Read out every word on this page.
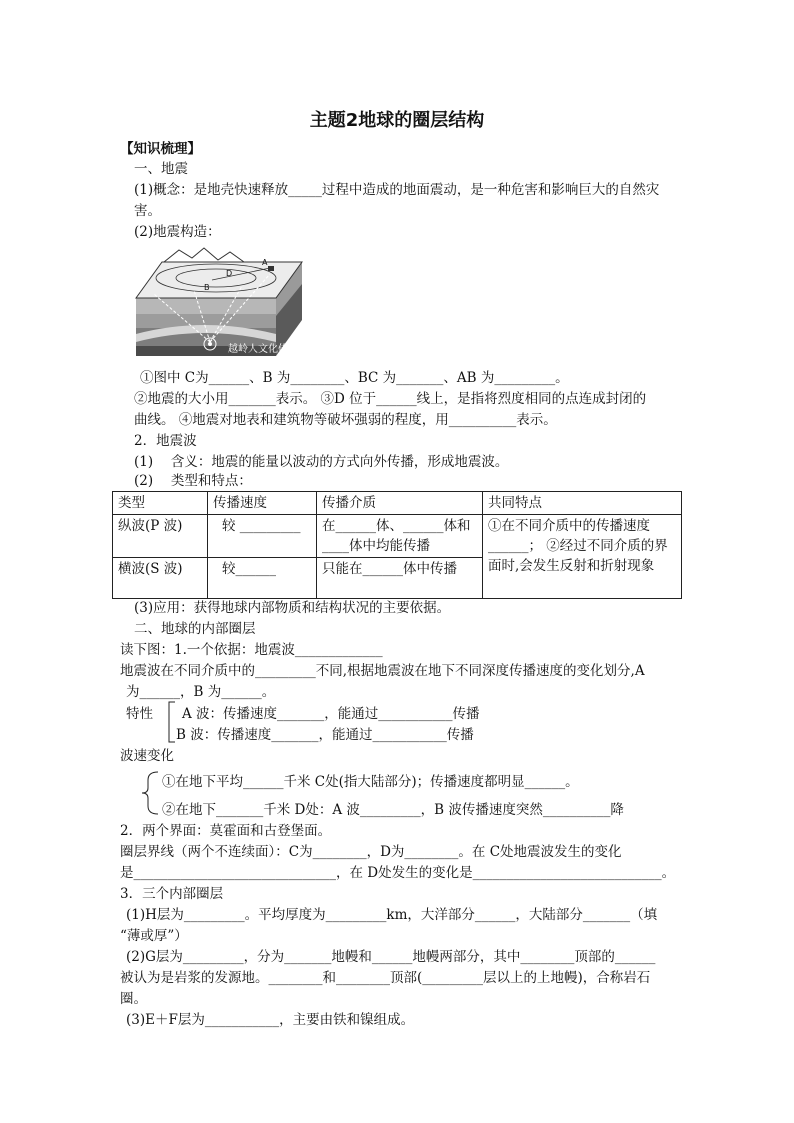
主题2地球的圈层结构
【知识梳理】
一、地震
(1)概念：是地壳快速释放_____过程中造成的地面震动，是一种危害和影响巨大的自然灾
害。
(2)地震构造：
D
A
B
越岭人文化传播
①图中 C为______、B 为________、BC 为_______、AB 为_________。
②地震的大小用_______表示。 ③D 位于______线上，是指将烈度相同的点连成封闭的
曲线。 ④地震对地表和建筑物等破坏强弱的程度，用__________表示。
2．地震波
(1)　 含义：地震的能量以波动的方式向外传播，形成地震波。
(2)　 类型和特点：
类型	传播速度	传播介质	共同特点
纵波(P 波)	较 _________	在______体、______体和____体中均能传播	①在不同介质中的传播速度______； ②经过不同介质的界面时,会发生反射和折射现象
横波(S 波)	较______	只能在______体中传播	
(3)应用：获得地球内部物质和结构状况的主要依据。
二、地球的内部圈层
读下图：1.一个依据：地震波_____________
地震波在不同介质中的_________不同,根据地震波在地下不同深度传播速度的变化划分,A
为______，B 为______。
特性 A 波：传播速度_______，能通过___________传播
B 波：传播速度_______，能通过___________传播
波速变化
①在地下平均______千米 C处(指大陆部分)；传播速度都明显______。
②在地下_______千米 D处：A 波_________，B 波传播速度突然__________降
2．两个界面：莫霍面和古登堡面。
圈层界线（两个不连续面）：C为________，D为________。在 C处地震波发生的变化
是______________________________，在 D处发生的变化是____________________________。
3．三个内部圈层
(1)H层为_________。平均厚度为_________km，大洋部分______，大陆部分_______（填
“薄或厚”）
(2)G层为_________，分为_______地幔和______地幔两部分，其中________顶部的______
被认为是岩浆的发源地。________和________顶部(_________层以上的上地幔)，合称岩石
圈。
(3)E＋F层为___________，主要由铁和镍组成。
